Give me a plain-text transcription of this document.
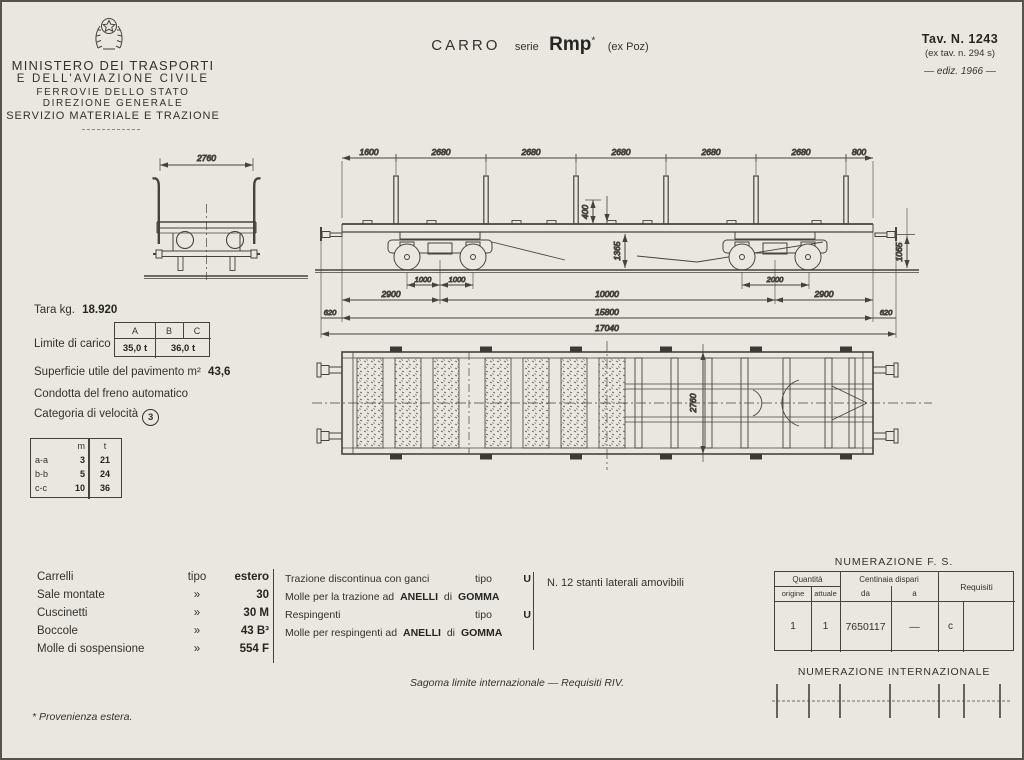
MINISTERO DEI TRASPORTI
E DELL'AVIAZIONE CIVILE
FERROVIE DELLO STATO
DIREZIONE GENERALE
SERVIZIO MATERIALE E TRAZIONE
CARRO serie Rmp* (ex Poz)
Tav. N. 1243
(ex tav. n. 294 s)
— ediz. 1966 —
2760
1600	2680	2680	2680	2680	2680	800
400
1365	1065
1000 1000	2000
2900	10000	2900
620	15800	620
17040
2760
Tara kg. 18.920
Limite di carico
A	B	C
35,0 t	36,0 t
Superficie utile del pavimento m² 43,6
Condotta del freno automatico
Categoria di velocità 3
m	t
a-a	3	21
b-b	5	24
c-c	10	36
Carrelli	tipo	estero
Sale montate	»	30
Cuscinetti	»	30 M
Boccole	»	43 B³
Molle di sospensione	»	554 F
Trazione discontinua con ganci	tipo	U
Molle per la trazione ad ANELLI di GOMMA
Respingenti	tipo	U
Molle per respingenti ad ANELLI di GOMMA
N. 12 stanti laterali amovibili
NUMERAZIONE F. S.
Quantità	Centinaia dispari
Requisiti
origine	attuale	da	a
1	1	7650117	—	c
NUMERAZIONE INTERNAZIONALE
Sagoma limite internazionale — Requisiti RIV.
* Provenienza estera.
